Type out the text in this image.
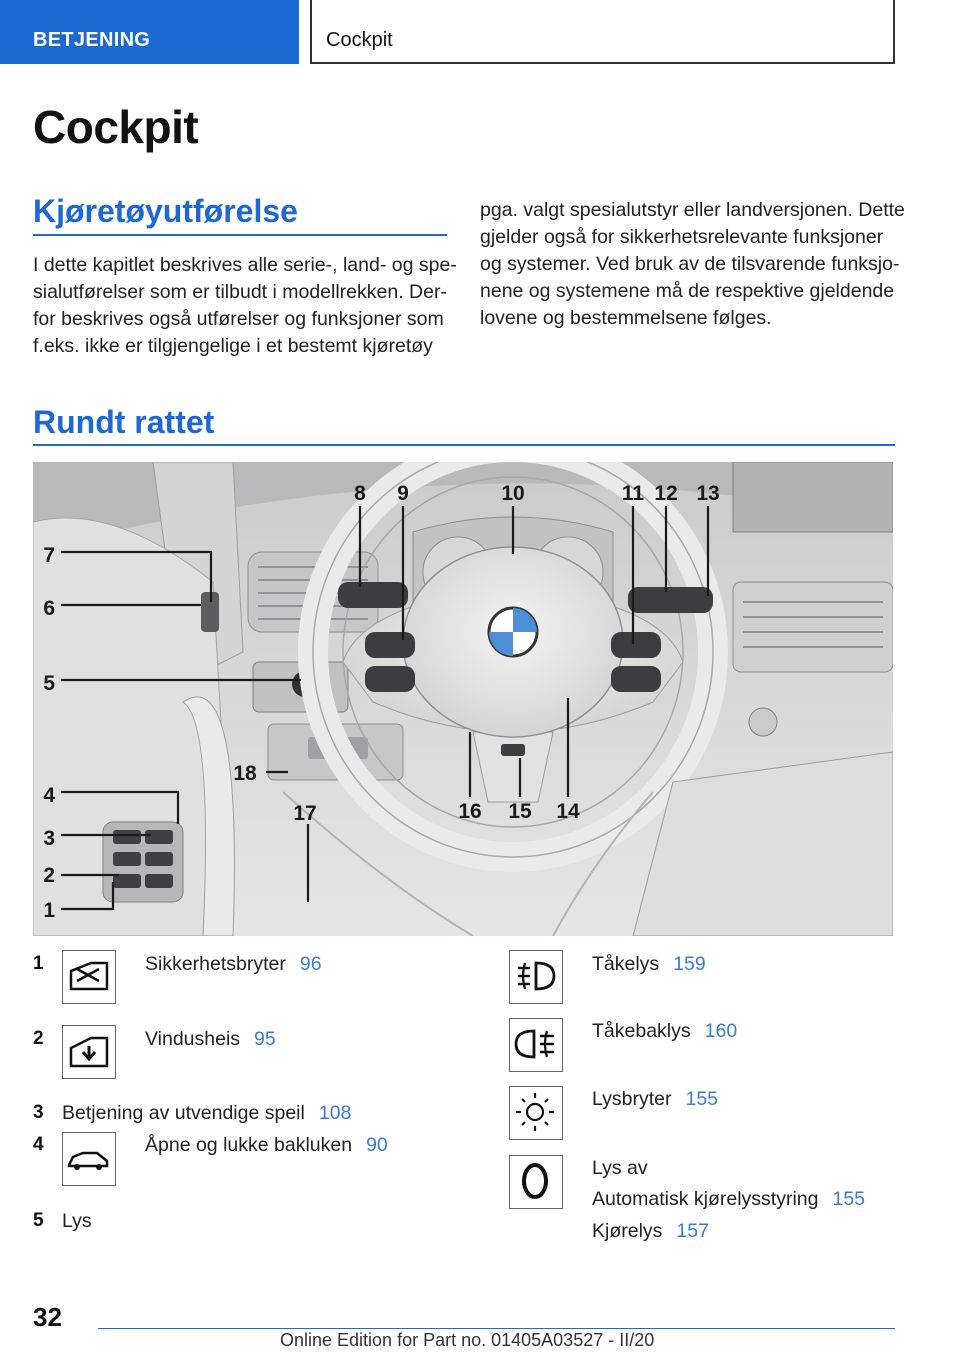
BETJENING	Cockpit
Cockpit
Kjøretøyutførelse
I dette kapitlet beskrives alle serie-, land- og spe-
sialutførelser som er tilbudt i modellrekken. Der-
for beskrives også utførelser og funksjoner som
f.eks. ikke er tilgjengelige i et bestemt kjøretøy
pga. valgt spesialutstyr eller landversjonen. Dette
gjelder også for sikkerhetsrelevante funksjoner
og systemer. Ved bruk av de tilsvarende funksjo-
nene og systemene må de respektive gjeldende
lovene og bestemmelsene følges.
Rundt rattet
7
6
5
4
3
2
1
8 9	10	11 12 13
14
15
16
17
18
1	Sikkerhetsbryter 96
2	Vindusheis 95
3 Betjening av utvendige speil 108
4	Åpne og lukke bakluken 90
5 Lys
Tåkelys 159
Tåkebaklys 160
Lysbryter 155
Lys av
Automatisk kjørelysstyring 155
Kjørelys 157
32
Online Edition for Part no. 01405A03527 - II/20
